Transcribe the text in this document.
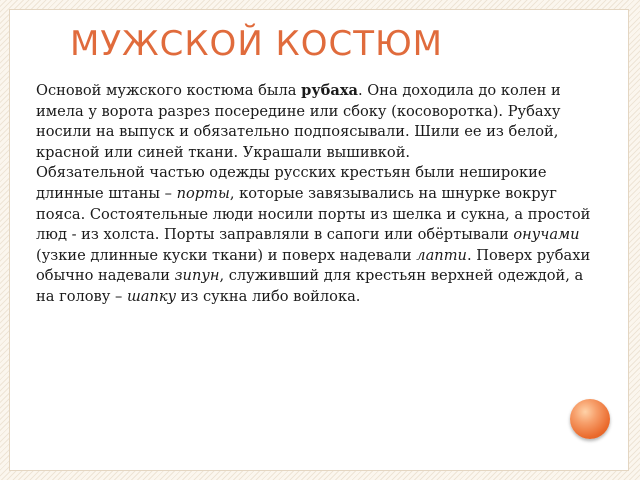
МУЖСКОЙ КОСТЮМ

Основой мужского костюма была рубаха. Она доходила до колен и имела у ворота разрез посередине или сбоку (косоворотка). Рубаху носили на выпуск и обязательно подпоясывали. Шили ее из белой, красной или синей ткани. Украшали вышивкой.

Обязательной частью одежды русских крестьян были неширокие длинные штаны – порты, которые завязывались на шнурке вокруг пояса. Состоятельные люди носили порты из шелка и сукна, а простой люд - из холста. Порты заправляли в сапоги или обёртывали онучами (узкие длинные куски ткани) и поверх надевали лапти. Поверх рубахи обычно надевали зипун, служивший для крестьян верхней одеждой, а на голову – шапку из сукна либо войлока.
